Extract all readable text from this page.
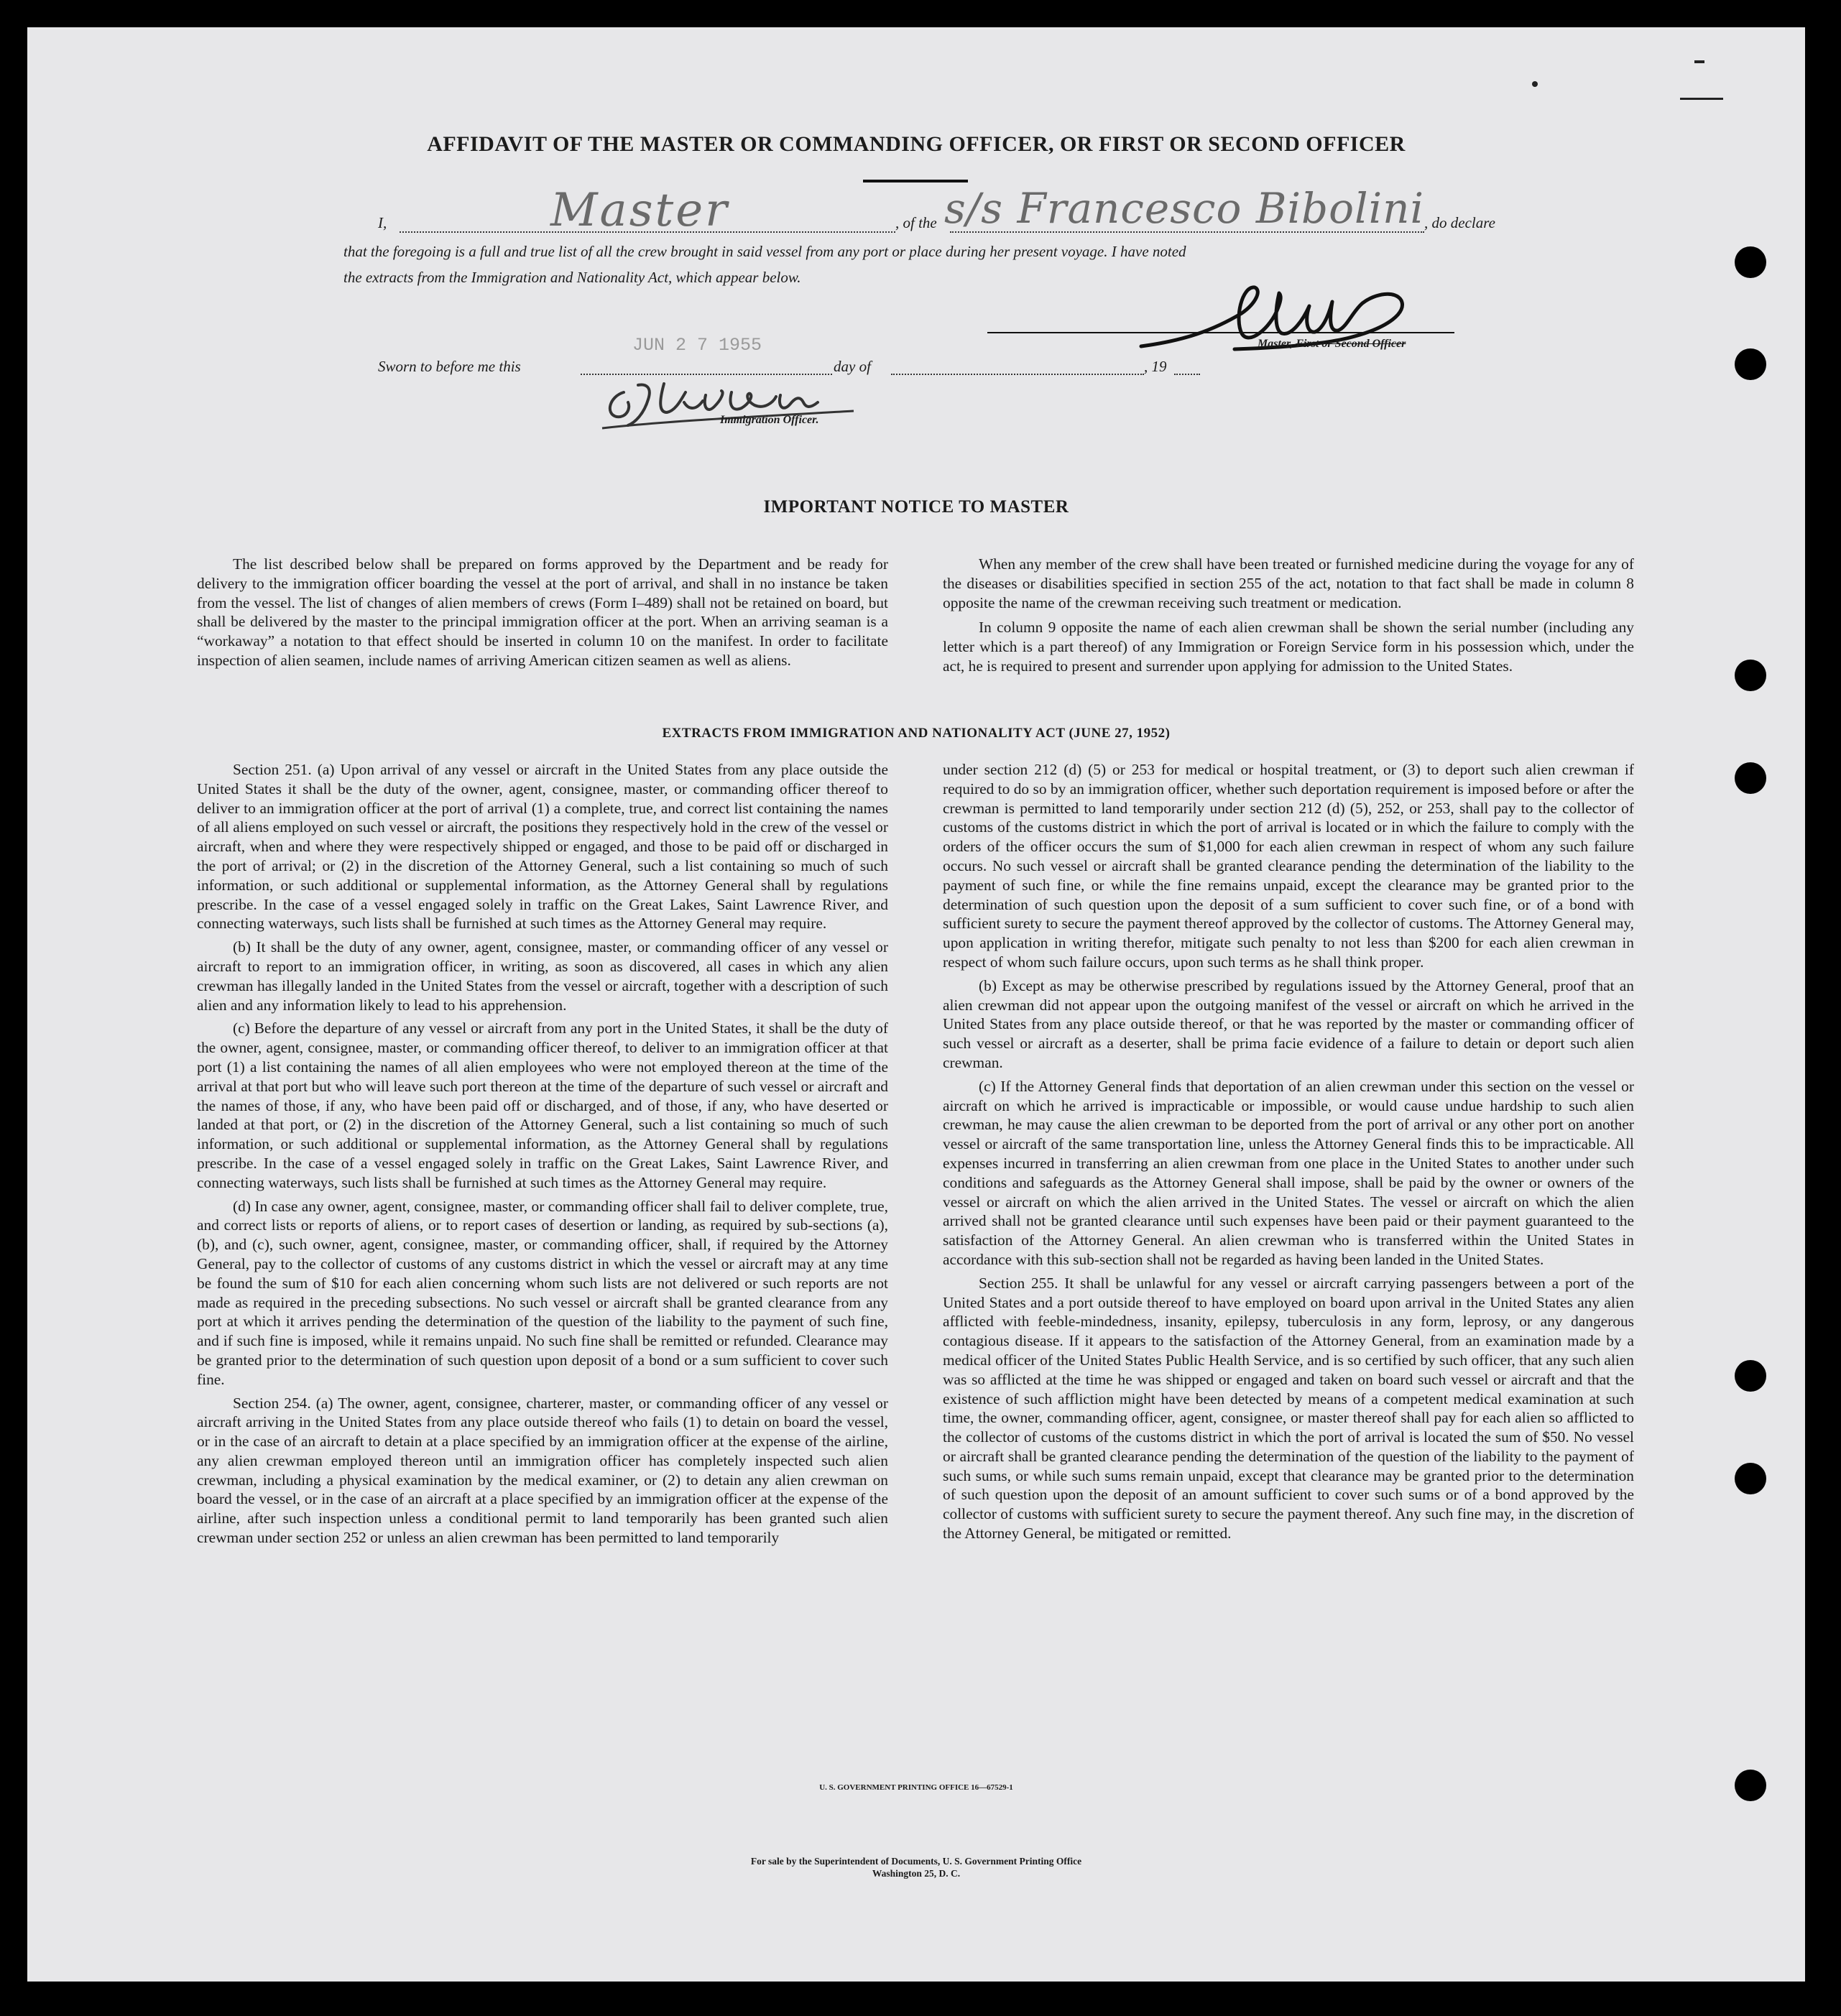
AFFIDAVIT OF THE MASTER OR COMMANDING OFFICER, OR FIRST OR SECOND OFFICER
I,	Master	, of the s/s Francesco Bibolini , do declare
that the foregoing is a full and true list of all the crew brought in said vessel from any port or place during her present voyage. I have noted
the extracts from the Immigration and Nationality Act, which appear below.
Master, First or Second Officer
JUN 2 7 1955
Sworn to before me this	day of	, 19
Immigration Officer.
IMPORTANT NOTICE TO MASTER

The list described below shall be prepared on forms approved by the Department and be ready for delivery to the immigration officer boarding the vessel at the port of arrival, and shall in no instance be taken from the vessel. The list of changes of alien members of crews (Form I–489) shall not be retained on board, but shall be delivered by the master to the principal immigration officer at the port. When an arriving seaman is a “workaway” a notation to that effect should be inserted in column 10 on the manifest. In order to facilitate inspection of alien seamen, include names of arriving American citizen seamen as well as aliens.

When any member of the crew shall have been treated or furnished medicine during the voyage for any of the diseases or disabilities specified in section 255 of the act, notation to that fact shall be made in column 8 opposite the name of the crewman receiving such treatment or medication.

In column 9 opposite the name of each alien crewman shall be shown the serial number (including any letter which is a part thereof) of any Immigration or Foreign Service form in his possession which, under the act, he is required to present and surrender upon applying for admission to the United States.

EXTRACTS FROM IMMIGRATION AND NATIONALITY ACT (JUNE 27, 1952)

Section 251. (a) Upon arrival of any vessel or aircraft in the United States from any place outside the United States it shall be the duty of the owner, agent, consignee, master, or commanding officer thereof to deliver to an immigration officer at the port of arrival (1) a complete, true, and correct list containing the names of all aliens employed on such vessel or aircraft, the positions they respectively hold in the crew of the vessel or aircraft, when and where they were respectively shipped or engaged, and those to be paid off or discharged in the port of arrival; or (2) in the discretion of the Attorney General, such a list containing so much of such information, or such additional or supplemental information, as the Attorney General shall by regulations prescribe. In the case of a vessel engaged solely in traffic on the Great Lakes, Saint Lawrence River, and connecting waterways, such lists shall be furnished at such times as the Attorney General may require.

(b) It shall be the duty of any owner, agent, consignee, master, or commanding officer of any vessel or aircraft to report to an immigration officer, in writing, as soon as discovered, all cases in which any alien crewman has illegally landed in the United States from the vessel or aircraft, together with a description of such alien and any information likely to lead to his apprehension.

(c) Before the departure of any vessel or aircraft from any port in the United States, it shall be the duty of the owner, agent, consignee, master, or commanding officer thereof, to deliver to an immigration officer at that port (1) a list containing the names of all alien employees who were not employed thereon at the time of the arrival at that port but who will leave such port thereon at the time of the departure of such vessel or aircraft and the names of those, if any, who have been paid off or discharged, and of those, if any, who have deserted or landed at that port, or (2) in the discretion of the Attorney General, such a list containing so much of such information, or such additional or supplemental information, as the Attorney General shall by regulations prescribe. In the case of a vessel engaged solely in traffic on the Great Lakes, Saint Lawrence River, and connecting waterways, such lists shall be furnished at such times as the Attorney General may require.

(d) In case any owner, agent, consignee, master, or commanding officer shall fail to deliver complete, true, and correct lists or reports of aliens, or to report cases of desertion or landing, as required by sub-sections (a), (b), and (c), such owner, agent, consignee, master, or commanding officer, shall, if required by the Attorney General, pay to the collector of customs of any customs district in which the vessel or aircraft may at any time be found the sum of $10 for each alien concerning whom such lists are not delivered or such reports are not made as required in the preceding subsections. No such vessel or aircraft shall be granted clearance from any port at which it arrives pending the determination of the question of the liability to the payment of such fine, and if such fine is imposed, while it remains unpaid. No such fine shall be remitted or refunded. Clearance may be granted prior to the determination of such question upon deposit of a bond or a sum sufficient to cover such fine.

Section 254. (a) The owner, agent, consignee, charterer, master, or commanding officer of any vessel or aircraft arriving in the United States from any place outside thereof who fails (1) to detain on board the vessel, or in the case of an aircraft to detain at a place specified by an immigration officer at the expense of the airline, any alien crewman employed thereon until an immigration officer has completely inspected such alien crewman, including a physical examination by the medical examiner, or (2) to detain any alien crewman on board the vessel, or in the case of an aircraft at a place specified by an immigration officer at the expense of the airline, after such inspection unless a conditional permit to land temporarily has been granted such alien crewman under section 252 or unless an alien crewman has been permitted to land temporarily

under section 212 (d) (5) or 253 for medical or hospital treatment, or (3) to deport such alien crewman if required to do so by an immigration officer, whether such deportation requirement is imposed before or after the crewman is permitted to land temporarily under section 212 (d) (5), 252, or 253, shall pay to the collector of customs of the customs district in which the port of arrival is located or in which the failure to comply with the orders of the officer occurs the sum of $1,000 for each alien crewman in respect of whom any such failure occurs. No such vessel or aircraft shall be granted clearance pending the determination of the liability to the payment of such fine, or while the fine remains unpaid, except the clearance may be granted prior to the determination of such question upon the deposit of a sum sufficient to cover such fine, or of a bond with sufficient surety to secure the payment thereof approved by the collector of customs. The Attorney General may, upon application in writing therefor, mitigate such penalty to not less than $200 for each alien crewman in respect of whom such failure occurs, upon such terms as he shall think proper.

(b) Except as may be otherwise prescribed by regulations issued by the Attorney General, proof that an alien crewman did not appear upon the outgoing manifest of the vessel or aircraft on which he arrived in the United States from any place outside thereof, or that he was reported by the master or commanding officer of such vessel or aircraft as a deserter, shall be prima facie evidence of a failure to detain or deport such alien crewman.

(c) If the Attorney General finds that deportation of an alien crewman under this section on the vessel or aircraft on which he arrived is impracticable or impossible, or would cause undue hardship to such alien crewman, he may cause the alien crewman to be deported from the port of arrival or any other port on another vessel or aircraft of the same transportation line, unless the Attorney General finds this to be impracticable. All expenses incurred in transferring an alien crewman from one place in the United States to another under such conditions and safeguards as the Attorney General shall impose, shall be paid by the owner or owners of the vessel or aircraft on which the alien arrived in the United States. The vessel or aircraft on which the alien arrived shall not be granted clearance until such expenses have been paid or their payment guaranteed to the satisfaction of the Attorney General. An alien crewman who is transferred within the United States in accordance with this sub-section shall not be regarded as having been landed in the United States.

Section 255. It shall be unlawful for any vessel or aircraft carrying passengers between a port of the United States and a port outside thereof to have employed on board upon arrival in the United States any alien afflicted with feeble-mindedness, insanity, epilepsy, tuberculosis in any form, leprosy, or any dangerous contagious disease. If it appears to the satisfaction of the Attorney General, from an examination made by a medical officer of the United States Public Health Service, and is so certified by such officer, that any such alien was so afflicted at the time he was shipped or engaged and taken on board such vessel or aircraft and that the existence of such affliction might have been detected by means of a competent medical examination at such time, the owner, commanding officer, agent, consignee, or master thereof shall pay for each alien so afflicted to the collector of customs of the customs district in which the port of arrival is located the sum of $50. No vessel or aircraft shall be granted clearance pending the determination of the question of the liability to the payment of such sums, or while such sums remain unpaid, except that clearance may be granted prior to the determination of such question upon the deposit of an amount sufficient to cover such sums or of a bond approved by the collector of customs with sufficient surety to secure the payment thereof. Any such fine may, in the discretion of the Attorney General, be mitigated or remitted.

U. S. GOVERNMENT PRINTING OFFICE 16—67529-1
For sale by the Superintendent of Documents, U. S. Government Printing Office
Washington 25, D. C.
